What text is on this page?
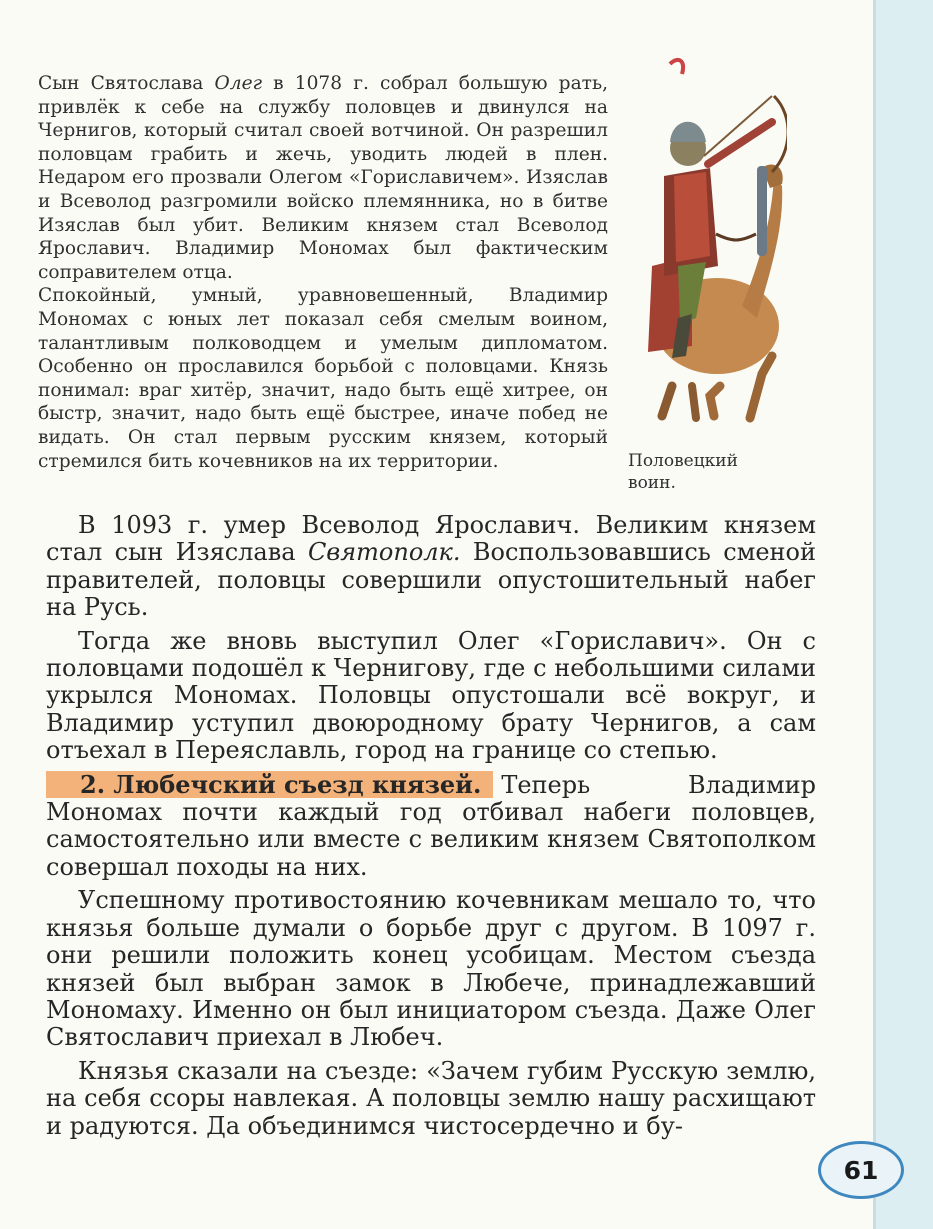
Сын Святослава Олег в 1078 г. собрал большую рать, привлёк к себе на службу половцев и двинулся на Чернигов, который считал своей вотчиной. Он разрешил половцам грабить и жечь, уводить людей в плен. Недаром его прозвали Олегом «Гориславичем». Изяслав и Всеволод разгромили войско племянника, но в битве Изяслав был убит. Великим князем стал Всеволод Ярославич. Владимир Мономах был фактическим соправителем отца.

Спокойный, умный, уравновешенный, Владимир Мономах с юных лет показал себя смелым воином, талантливым полководцем и умелым дипломатом. Особенно он прославился борьбой с половцами. Князь понимал: враг хитёр, значит, надо быть ещё хитрее, он быстр, значит, надо быть ещё быстрее, иначе побед не видать. Он стал первым русским князем, который стремился бить кочевников на их территории.	Половецкий воин.

В 1093 г. умер Всеволод Ярославич. Великим князем стал сын Изяслава Святополк. Воспользовавшись сменой правителей, половцы совершили опустошительный набег на Русь.

Тогда же вновь выступил Олег «Гориславич». Он с половцами подошёл к Чернигову, где с небольшими силами укрылся Мономах. Половцы опустошали всё вокруг, и Владимир уступил двоюродному брату Чернигов, а сам отъехал в Переяславль, город на границе со степью.

2. Любечский съезд князей. Теперь Владимир Мономах почти каждый год отбивал набеги половцев, самостоятельно или вместе с великим князем Святополком совершал походы на них.

Успешному противостоянию кочевникам мешало то, что князья больше думали о борьбе друг с другом. В 1097 г. они решили положить конец усобицам. Местом съезда князей был выбран замок в Любече, принадлежавший Мономаху. Именно он был инициатором съезда. Даже Олег Святославич приехал в Любеч.

Князья сказали на съезде: «Зачем губим Русскую землю, на себя ссоры навлекая. А половцы землю нашу расхищают и радуются. Да объединимся чистосердечно и бу-

61
